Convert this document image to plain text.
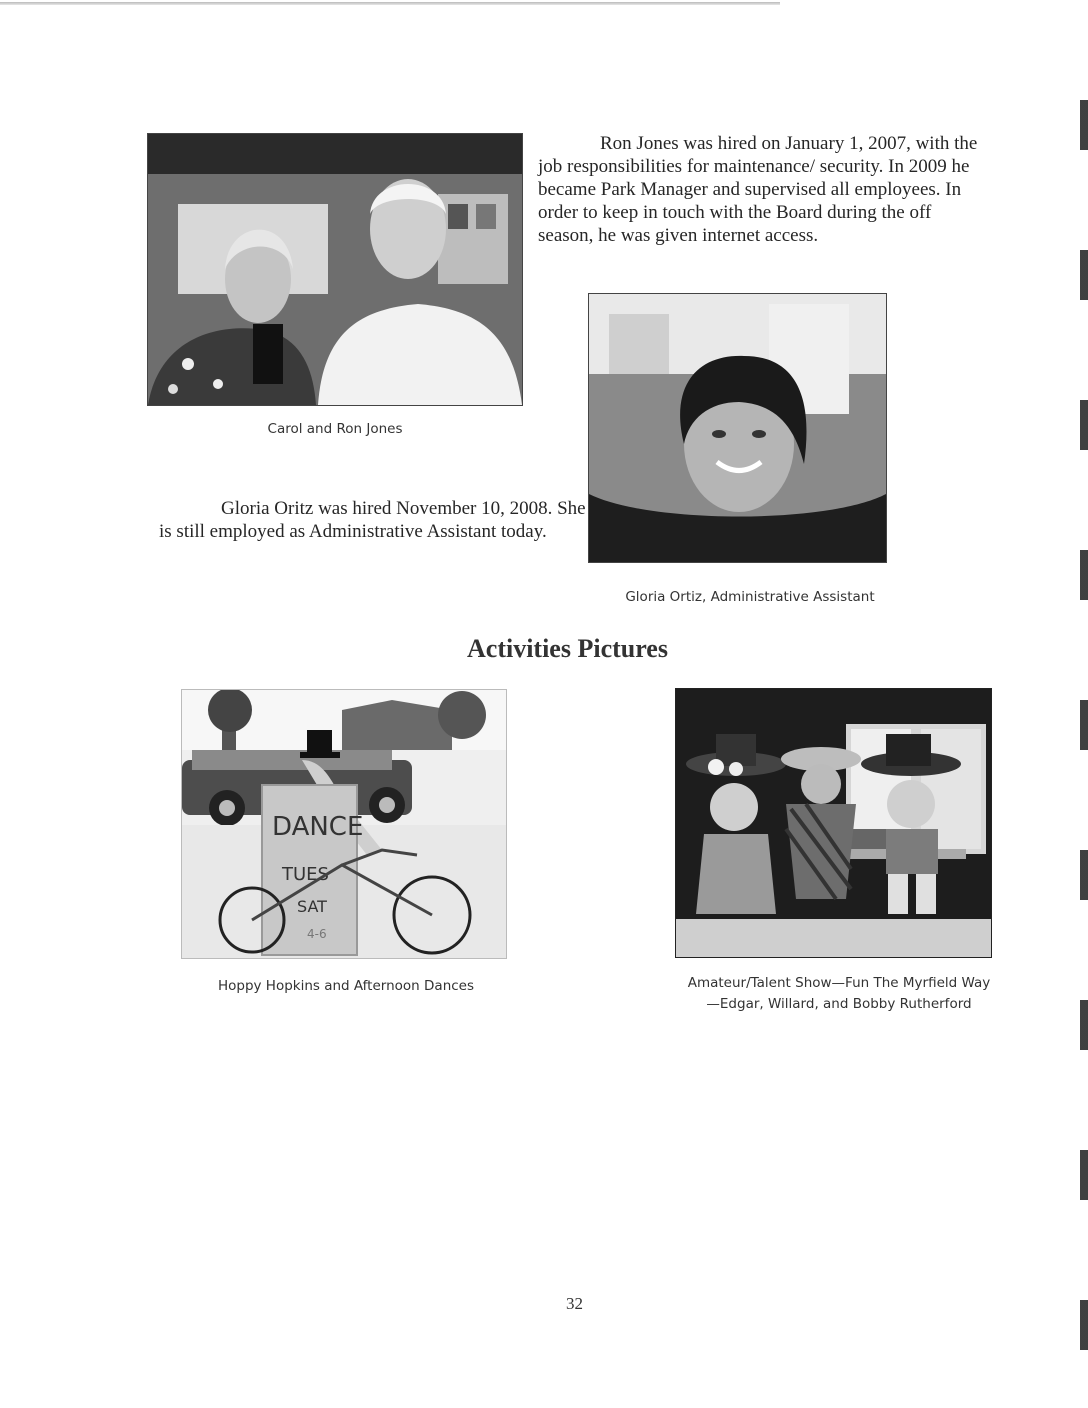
Carol and Ron Jones

Ron Jones was hired on January 1, 2007, with the job responsibilities for maintenance/ security. In 2009 he became Park Manager and supervised all employees. In order to keep in touch with the Board during the off season, he was given internet access.

Gloria Ortiz, Administrative Assistant

Gloria Oritz was hired November 10, 2008. She is still employed as Administrative Assistant today.

Activities Pictures
DANCE
TUES
SAT
4-6
Hoppy Hopkins and Afternoon Dances	Amateur/Talent Show—Fun The Myrfield Way—Edgar, Willard, and Bobby Rutherford
32
